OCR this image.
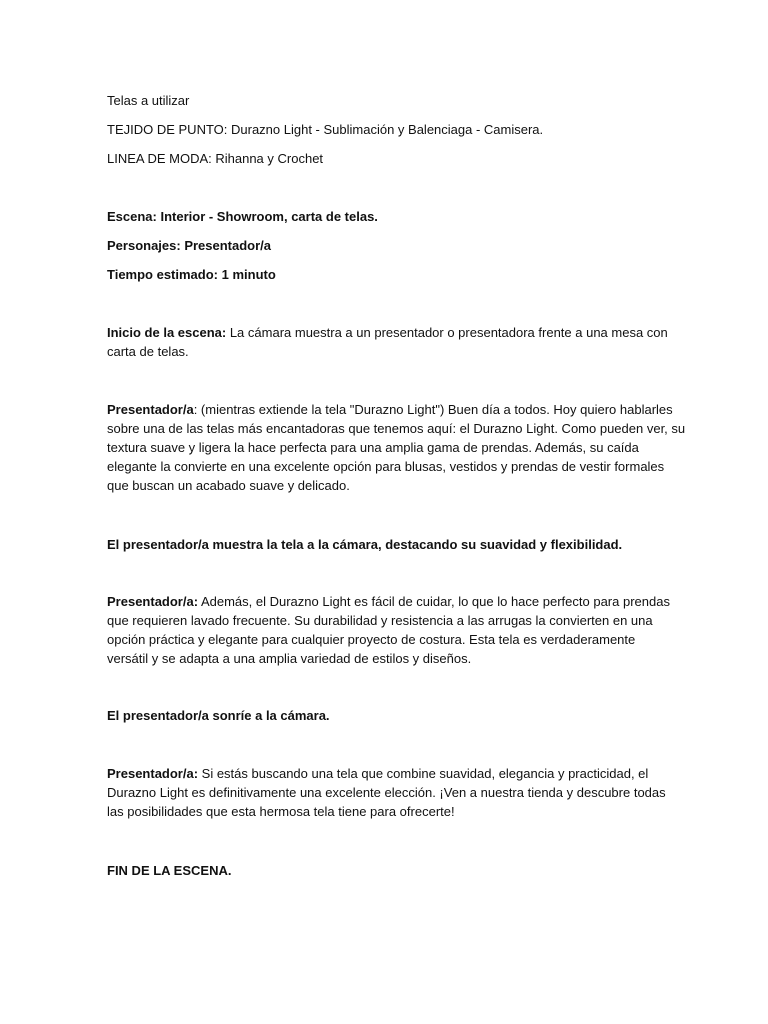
Telas a utilizar

TEJIDO DE PUNTO: Durazno Light - Sublimación y Balenciaga - Camisera.

LINEA DE MODA: Rihanna y Crochet

Escena: Interior - Showroom, carta de telas.

Personajes: Presentador/a

Tiempo estimado: 1 minuto

Inicio de la escena: La cámara muestra a un presentador o presentadora frente a una mesa con
carta de telas.

Presentador/a: (mientras extiende la tela "Durazno Light") Buen día a todos. Hoy quiero hablarles
sobre una de las telas más encantadoras que tenemos aquí: el Durazno Light. Como pueden ver, su
textura suave y ligera la hace perfecta para una amplia gama de prendas. Además, su caída
elegante la convierte en una excelente opción para blusas, vestidos y prendas de vestir formales
que buscan un acabado suave y delicado.

El presentador/a muestra la tela a la cámara, destacando su suavidad y flexibilidad.

Presentador/a: Además, el Durazno Light es fácil de cuidar, lo que lo hace perfecto para prendas
que requieren lavado frecuente. Su durabilidad y resistencia a las arrugas la convierten en una
opción práctica y elegante para cualquier proyecto de costura. Esta tela es verdaderamente
versátil y se adapta a una amplia variedad de estilos y diseños.

El presentador/a sonríe a la cámara.

Presentador/a: Si estás buscando una tela que combine suavidad, elegancia y practicidad, el
Durazno Light es definitivamente una excelente elección. ¡Ven a nuestra tienda y descubre todas
las posibilidades que esta hermosa tela tiene para ofrecerte!

FIN DE LA ESCENA.
